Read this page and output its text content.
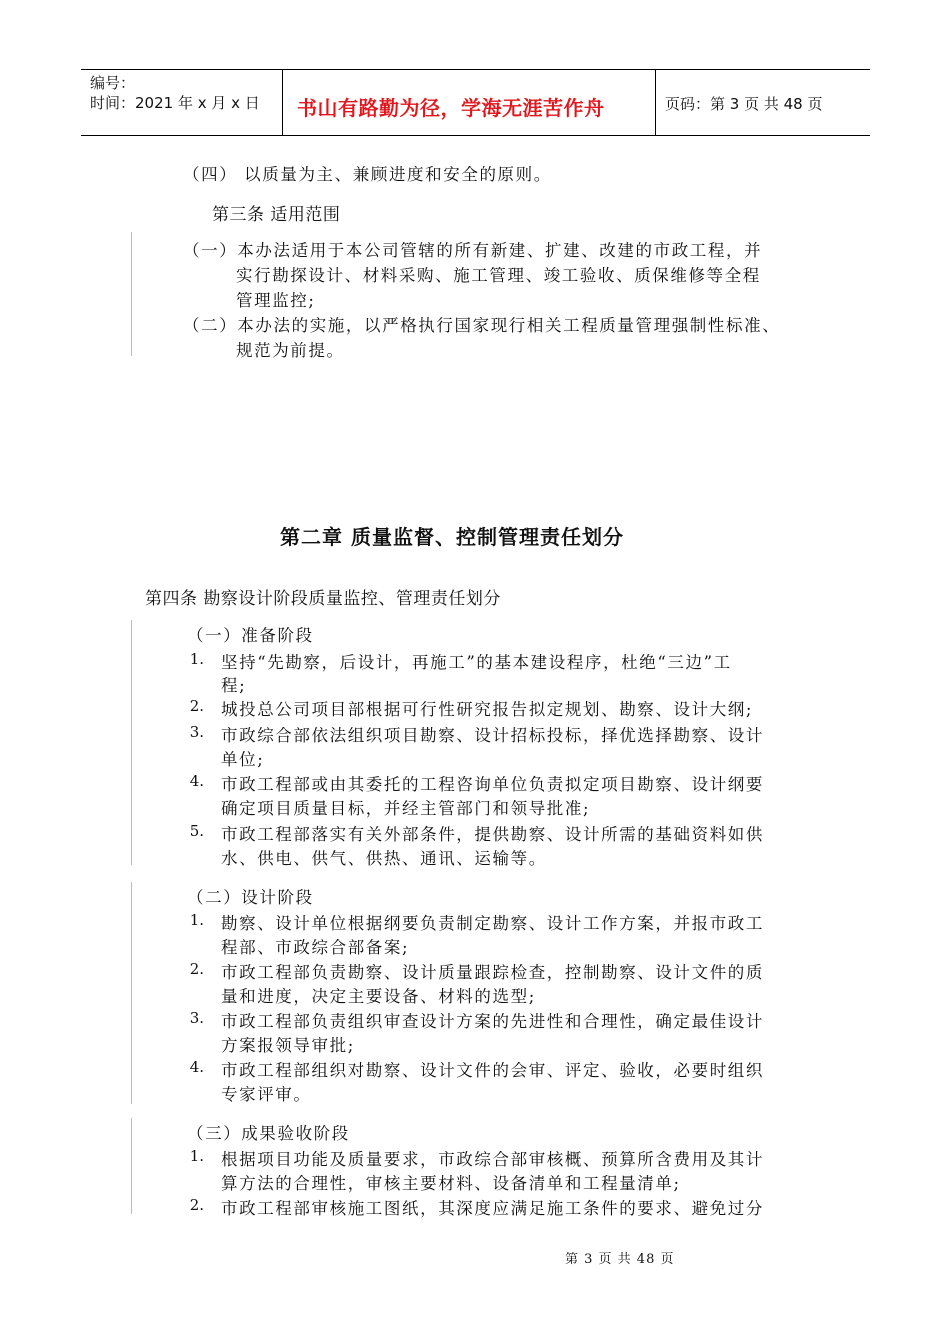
编号：
时间：2021 年 x 月 x 日 书山有路勤为径，学海无涯苦作舟	页码：第 3 页 共 48 页
（四） 以质量为主、兼顾进度和安全的原则。
第三条 适用范围
（一）本办法适用于本公司管辖的所有新建、扩建、改建的市政工程，并
实行勘探设计、材料采购、施工管理、竣工验收、质保维修等全程
管理监控;
（二）本办法的实施，以严格执行国家现行相关工程质量管理强制性标准、
规范为前提。
第二章 质量监督、控制管理责任划分
第四条 勘察设计阶段质量监控、管理责任划分
（一）准备阶段
1. 坚持“先勘察，后设计，再施工”的基本建设程序，杜绝“三边”工
程;
2. 城投总公司项目部根据可行性研究报告拟定规划、勘察、设计大纲;
3. 市政综合部依法组织项目勘察、设计招标投标，择优选择勘察、设计
单位;
4. 市政工程部或由其委托的工程咨询单位负责拟定项目勘察、设计纲要
确定项目质量目标，并经主管部门和领导批准;
5. 市政工程部落实有关外部条件，提供勘察、设计所需的基础资料如供
水、供电、供气、供热、通讯、运输等。
（二）设计阶段
1. 勘察、设计单位根据纲要负责制定勘察、设计工作方案，并报市政工
程部、市政综合部备案;
2. 市政工程部负责勘察、设计质量跟踪检查，控制勘察、设计文件的质
量和进度，决定主要设备、材料的选型;
3. 市政工程部负责组织审查设计方案的先进性和合理性，确定最佳设计
方案报领导审批;
4. 市政工程部组织对勘察、设计文件的会审、评定、验收，必要时组织
专家评审。
（三）成果验收阶段
1. 根据项目功能及质量要求，市政综合部审核概、预算所含费用及其计
算方法的合理性，审核主要材料、设备清单和工程量清单;
2. 市政工程部审核施工图纸，其深度应满足施工条件的要求、避免过分
第 3 页 共 48 页
